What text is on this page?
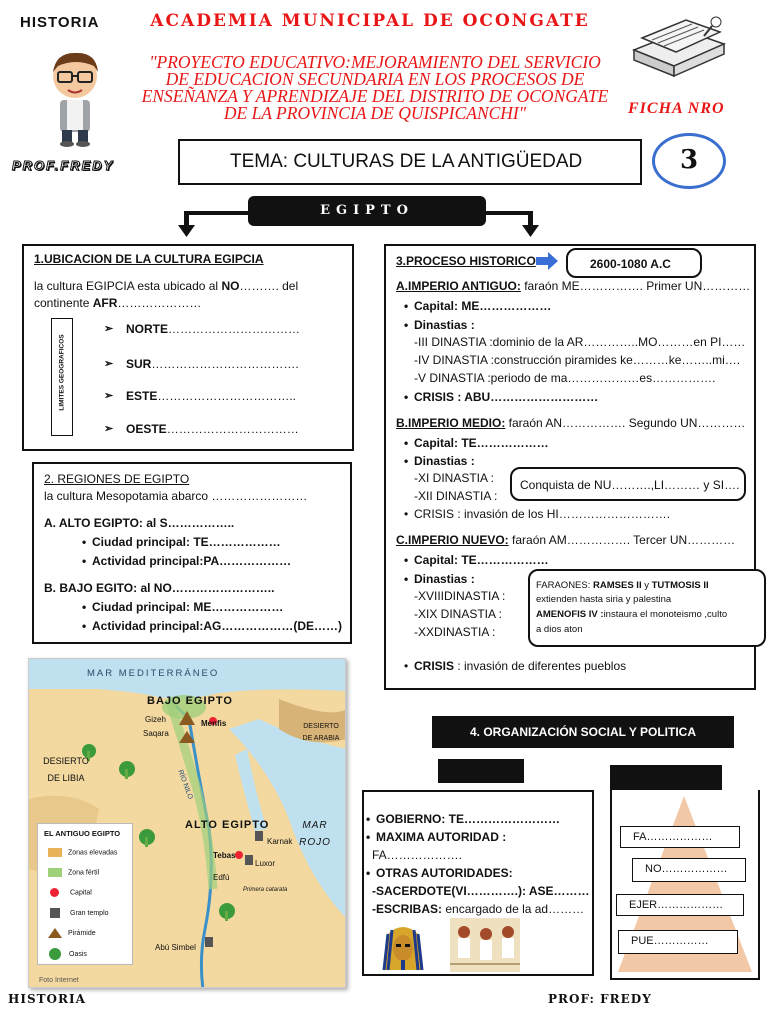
HISTORIA	ACADEMIA MUNICIPAL DE OCONGATE
"PROYECTO EDUCATIVO:MEJORAMIENTO DEL SERVICIO DE EDUCACION SECUNDARIA EN LOS PROCESOS DE ENSEÑANZA Y APRENDIZAJE DEL DISTRITO DE OCONGATE DE LA PROVINCIA DE QUISPICANCHI"	FICHA NRO
PROF.FREDY	TEMA: CULTURAS DE LA ANTIGÜEDAD	3
EGIPTO
1.UBICACION DE LA CULTURA EGIPCIA
la cultura EGIPCIA esta ubicado al NO………. del
continente AFR…………………
LIMITES GEOGRAFICOS
➢ NORTE……………………………
➢ SUR……………………………….
➢ ESTE……………………………..
➢ OESTE……………………………
2. REGIONES DE EGIPTO
la cultura Mesopotamia abarco ……………………
A. ALTO EGIPTO: al S……………..
• Ciudad principal: TE………………
• Actividad principal:PA………………
B. BAJO EGITO: al NO……………………..
• Ciudad principal: ME………………
• Actividad principal:AG………………(DE……)
3.PROCESO HISTORICO	2600-1080 A.C
A.IMPERIO ANTIGUO: faraón ME……………. Primer UN…………
• Capital: ME………………
• Dinastias :
-III DINASTIA :dominio de la AR…………..MO………en PI……
-IV DINASTIA :construcción piramides ke………ke……..mi….
-V DINASTIA :periodo de ma………………es…………….
• CRISIS : ABU………………………
B.IMPERIO MEDIO: faraón AN……………. Segundo UN…………
• Capital: TE………………
• Dinastias :
-XI DINASTIA :
-XII DINASTIA :
Conquista de NU……….,LI……… y SI….
• CRISIS : invasión de los HI……………………….
C.IMPERIO NUEVO: faraón AM……………. Tercer UN…………
• Capital: TE………………
• Dinastias :
-XVIIIDINASTIA :
-XIX DINASTIA :
-XXDINASTIA :
FARAONES: RAMSES II y TUTMOSIS II
extienden hasta siria y palestina
AMENOFIS IV :instaura el monoteismo ,culto
a dios aton
• CRISIS : invasión de diferentes pueblos
MAR MEDITERRÁNEO
BAJO EGIPTO
Gizeh	Menfis
Saqara
DESIERTO DE LIBIA
DESIERTO DE ARABIA
MAR ROJO
RÍO NILO
ALTO EGIPTO
Karnak
Tebas
Luxor
Edfú
Primera catarata
Abú Simbel
Foto Internet
EL ANTIGUO EGIPTO
Zonas elevadas
Zona fértil
Capital
Gran templo
Pirámide
Oasis
4. ORGANIZACIÓN SOCIAL Y POLITICA
• GOBIERNO: TE……………………
• MAXIMA AUTORIDAD :
FA……………….
• OTRAS AUTORIDADES:
-SACERDOTE(VI………….): ASE………
-ESCRIBAS: encargado de la ad………
FA………………
NO………………
EJER………………
PUE……………
HISTORIA	PROF: FREDY
